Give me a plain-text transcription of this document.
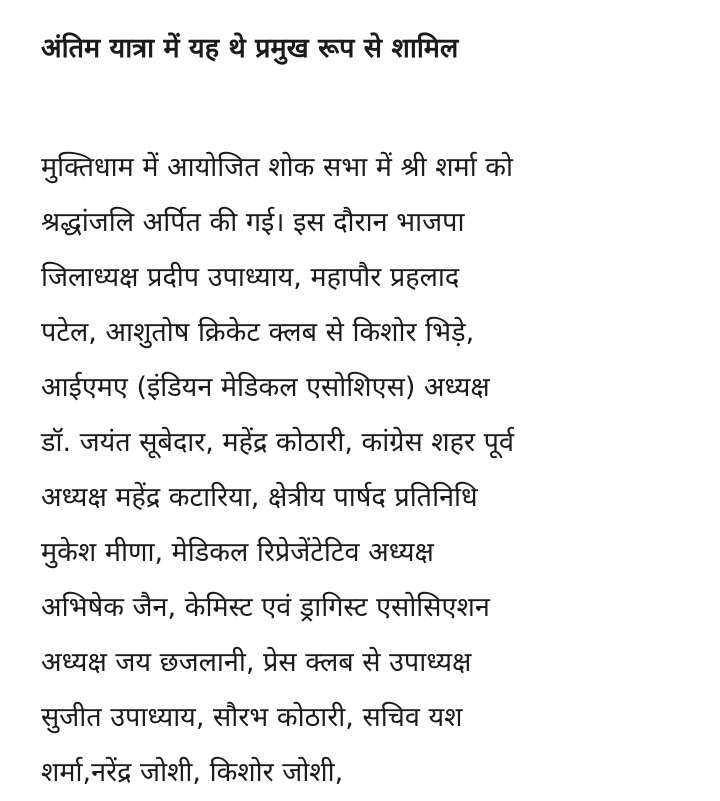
अंतिम यात्रा में यह थे प्रमुख रूप से शामिल

मुक्तिधाम में आयोजित शोक सभा में श्री शर्मा को
श्रद्धांजलि अर्पित की गई। इस दौरान भाजपा
जिलाध्यक्ष प्रदीप उपाध्याय, महापौर प्रहलाद
पटेल, आशुतोष क्रिकेट क्लब से किशोर भिड़े,
आईएमए (इंडियन मेडिकल एसोशिएस) अध्यक्ष
डॉ. जयंत सूबेदार, महेंद्र कोठारी, कांग्रेस शहर पूर्व
अध्यक्ष महेंद्र कटारिया, क्षेत्रीय पार्षद प्रतिनिधि
मुकेश मीणा, मेडिकल रिप्रेजेंटेटिव अध्यक्ष
अभिषेक जैन, केमिस्ट एवं ड्रागिस्ट एसोसिएशन
अध्यक्ष जय छजलानी, प्रेस क्लब से उपाध्यक्ष
सुजीत उपाध्याय, सौरभ कोठारी, सचिव यश
शर्मा,नरेंद्र जोशी, किशोर जोशी,
